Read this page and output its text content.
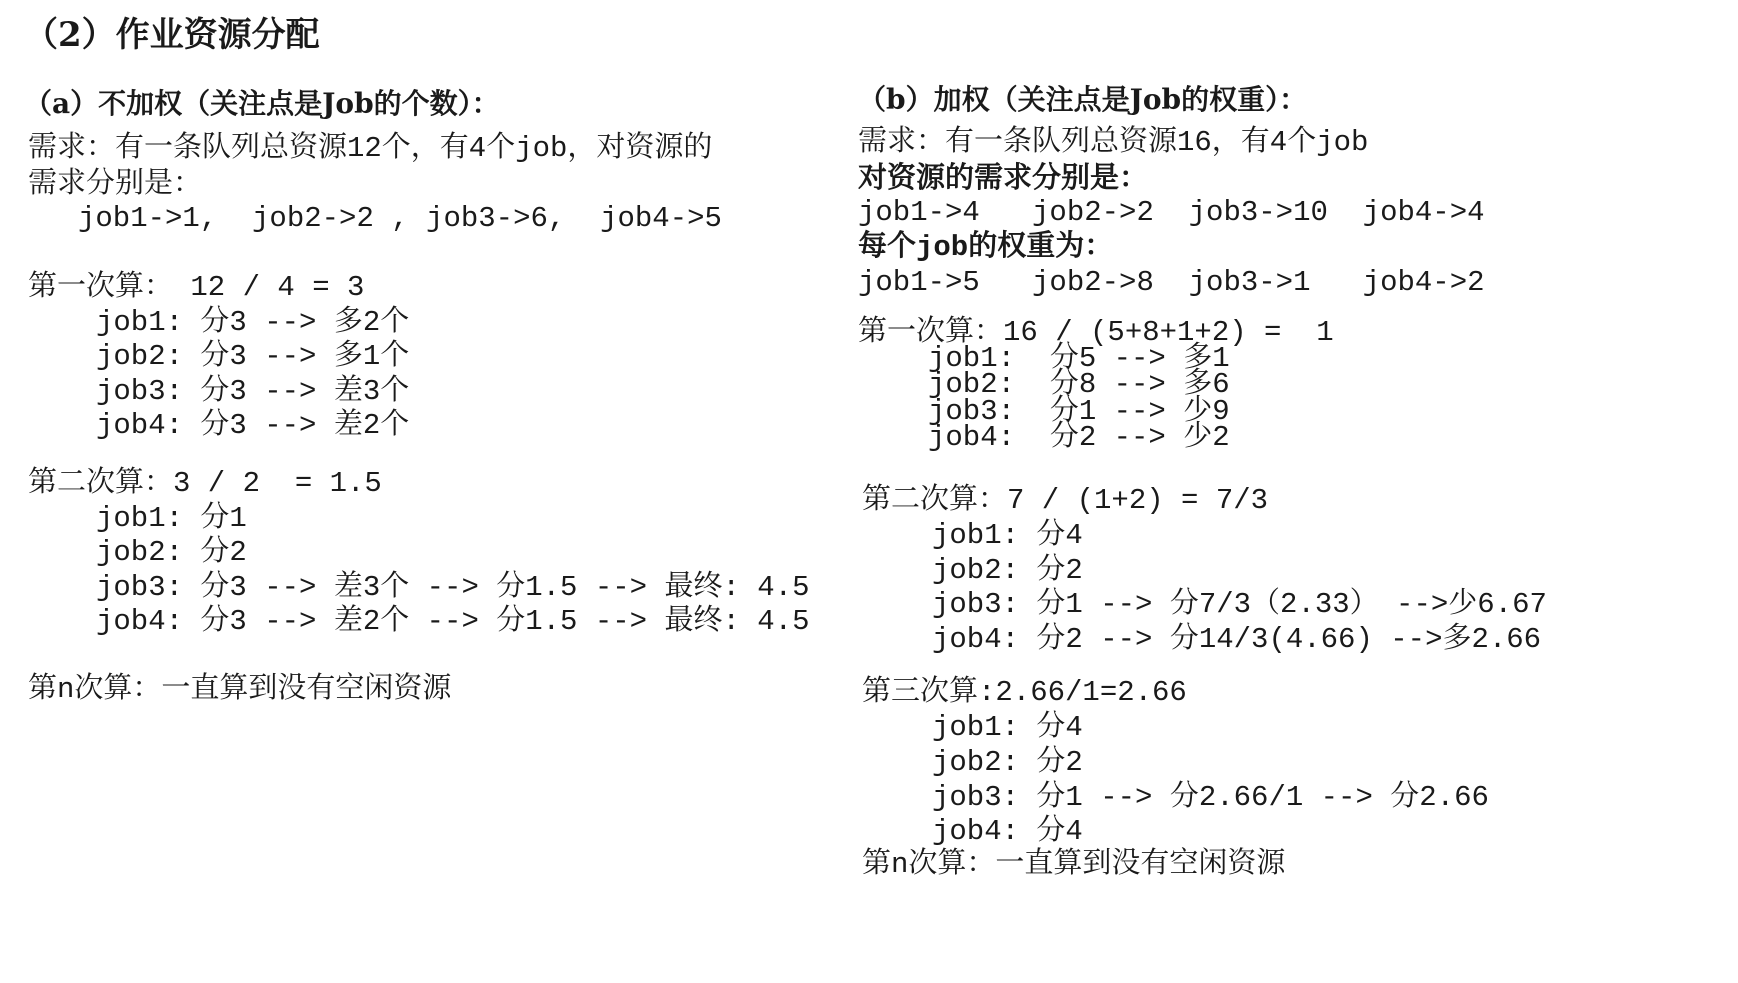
（2）作业资源分配
（a）不加权（关注点是Job的个数）：
需求：有一条队列总资源12个，有4个job，对资源的
需求分别是：
job1->1,  job2->2 , job3->6,  job4->5
第一次算： 12 / 4 = 3
job1: 分3 --> 多2个
job2: 分3 --> 多1个
job3: 分3 --> 差3个
job4: 分3 --> 差2个
第二次算：3 / 2  = 1.5
job1: 分1
job2: 分2
job3: 分3 --> 差3个 --> 分1.5 --> 最终: 4.5
job4: 分3 --> 差2个 --> 分1.5 --> 最终: 4.5
第n次算：一直算到没有空闲资源
（b）加权（关注点是Job的权重）：
需求：有一条队列总资源16，有4个job
对资源的需求分别是：
job1->4   job2->2  job3->10  job4->4
每个job的权重为：
job1->5   job2->8  job3->1   job4->2
第一次算：16 / (5+8+1+2) =  1
job1:  分5 --> 多1
job2:  分8 --> 多6
job3:  分1 --> 少9
job4:  分2 --> 少2
第二次算：7 / (1+2) = 7/3
job1: 分4
job2: 分2
job3: 分1 --> 分7/3（2.33） -->少6.67
job4: 分2 --> 分14/3(4.66) -->多2.66
第三次算:2.66/1=2.66
job1: 分4
job2: 分2
job3: 分1 --> 分2.66/1 --> 分2.66
job4: 分4
第n次算：一直算到没有空闲资源
